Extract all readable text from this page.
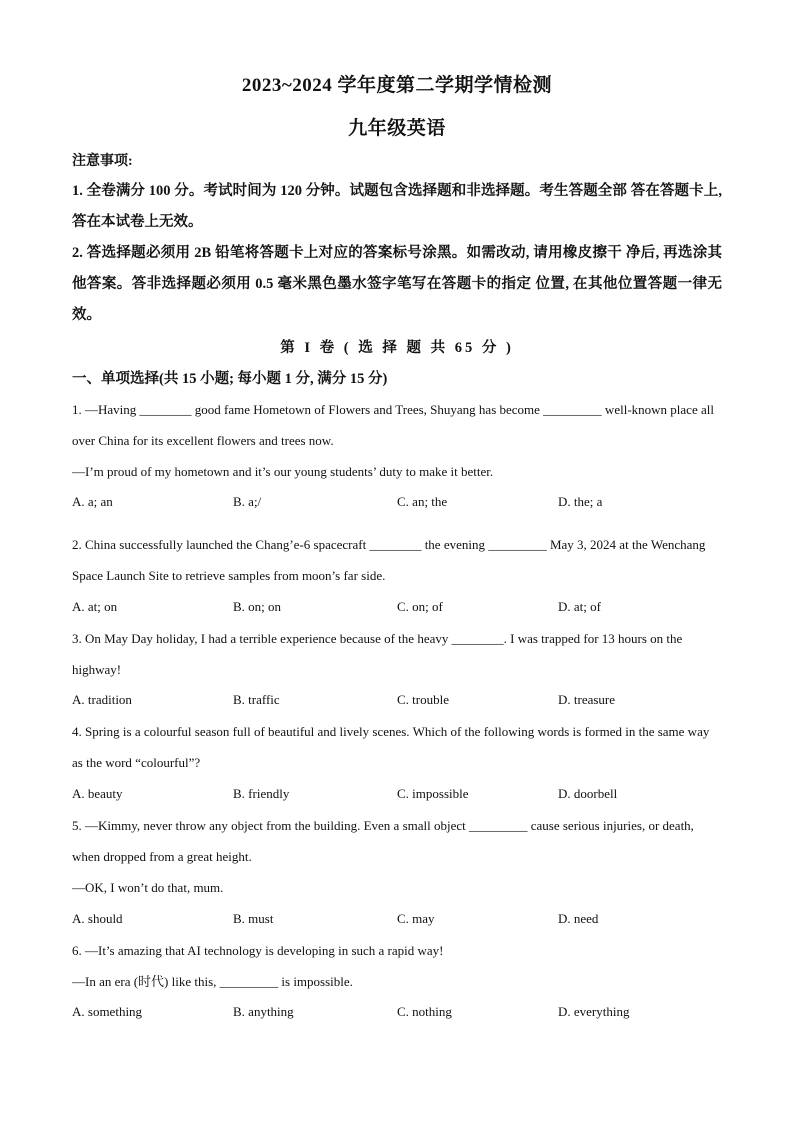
2023~2024 学年度第二学期学情检测
九年级英语
注意事项:
1. 全卷满分 100 分。考试时间为 120 分钟。试题包含选择题和非选择题。考生答题全部 答在答题卡上, 答在本试卷上无效。
2. 答选择题必须用 2B 铅笔将答题卡上对应的答案标号涂黑。如需改动, 请用橡皮擦干 净后, 再选涂其他答案。答非选择题必须用 0.5 毫米黑色墨水签字笔写在答题卡的指定 位置, 在其他位置答题一律无效。
第 I 卷 ( 选 择 题 共 65 分 )
一、单项选择(共 15 小题; 每小题 1 分, 满分 15 分)
1. —Having ________ good fame Hometown of Flowers and Trees, Shuyang has become _________ well-known place all over China for its excellent flowers and trees now.
—I’m proud of my hometown and it’s our young students’ duty to make it better.
A. a; an	B. a;/	C. an; the	D. the; a
2. China successfully launched the Chang’e-6 spacecraft ________ the evening _________ May 3, 2024 at the Wenchang Space Launch Site to retrieve samples from moon’s far side.
A. at; on	B. on; on	C. on; of	D. at; of
3. On May Day holiday, I had a terrible experience because of the heavy ________. I was trapped for 13 hours on the highway!
A. tradition	B. traffic	C. trouble	D. treasure
4. Spring is a colourful season full of beautiful and lively scenes. Which of the following words is formed in the same way as the word “colourful”?
A. beauty	B. friendly	C. impossible	D. doorbell
5. —Kimmy, never throw any object from the building. Even a small object _________ cause serious injuries, or death, when dropped from a great height.
—OK, I won’t do that, mum.
A. should	B. must	C. may	D. need
6. —It’s amazing that AI technology is developing in such a rapid way!
—In an era (时代) like this, _________ is impossible.
A. something	B. anything	C. nothing	D. everything
